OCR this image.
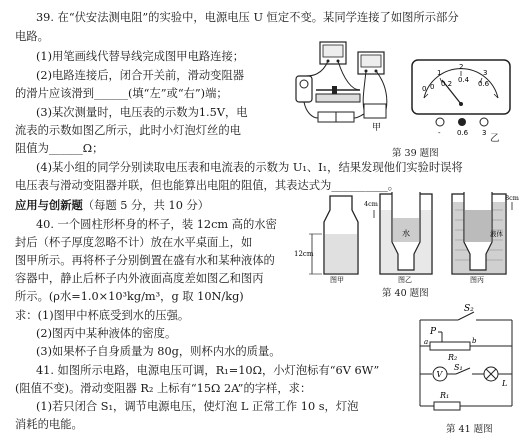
39. 在“伏安法测电阻”的实验中，电源电压 U 恒定不变。某同学连接了如图所示部分
电路。
(1)用笔画线代替导线完成图甲电路连接；
(2)电路连接后，闭合开关前，滑动变阻器
的滑片应该滑到______(填“左”或“右”)端；
(3)某次测量时，电压表的示数为1.5V，电
流表的示数如图乙所示，此时小灯泡灯丝的电
阻值为______Ω；
(4)某小组的同学分别读取电压表和电流表的示数为 U₁、I₁，结果发现他们实验时误将
电压表与滑动变阻器并联，但也能算出电阻的阻值，其表达式为__________。
甲
0
1
2
3
0 0.2 0.4 0.6
- 0.6 3 乙
第 39 题图
应用与创新题（每题 5 分，共 10 分）
40. 一个圆柱形杯身的杯子，装 12cm 高的水密
封后（杯子厚度忽略不计）放在水平桌面上，如
图甲所示。再将杯子分别倒置在盛有水和某种液体的
容器中，静止后杯子内外液面高度差如图乙和图丙
所示。(ρ水=1.0×10³kg/m³，g 取 10N/kg)
求：(1)图甲中杯底受到水的压强。
(2)图丙中某种液体的密度。
(3)如果杯子自身质量为 80g，则杯内水的质量。
12cm
4cm
水
8cm
液体
图甲	图乙	图丙
第 40 题图
41. 如图所示电路，电源电压可调，R₁=10Ω，小灯泡标有“6V 6W”
(阻值不变)。滑动变阻器 R₂ 上标有“15Ω 2A”的字样，求：
(1)若只闭合 S₁，调节电源电压，使灯泡 L 正常工作 10 s，灯泡
消耗的电能。
S₂
P
a	b
R₂
S₁
V
L
R₁
第 41 题图
